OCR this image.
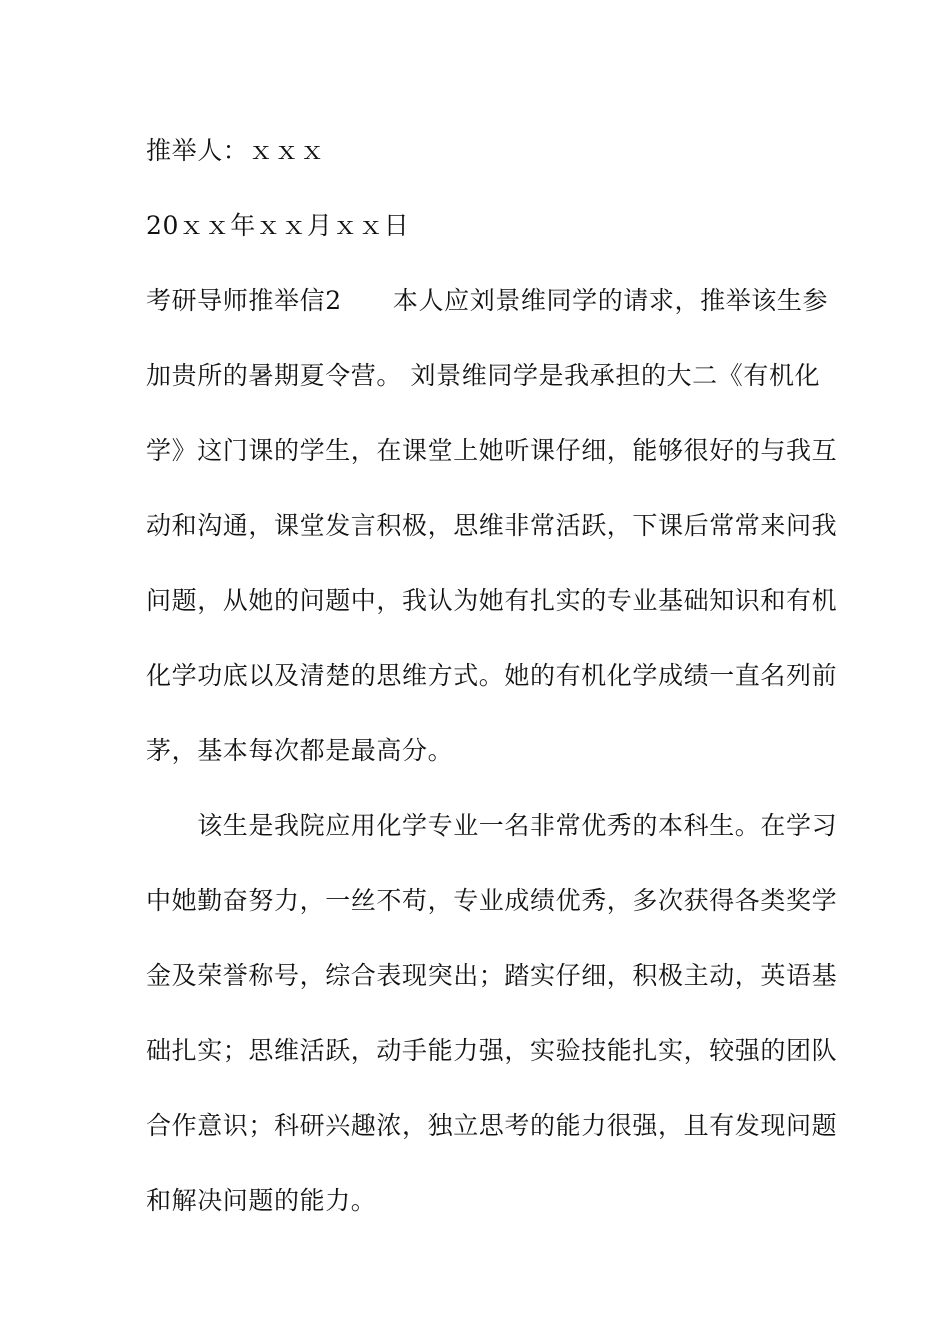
推举人：ｘｘｘ
20ｘｘ年ｘｘ月ｘｘ日
考研导师推举信2　　本人应刘景维同学的请求，推举该生参
加贵所的暑期夏令营。 刘景维同学是我承担的大二《有机化
学》这门课的学生，在课堂上她听课仔细，能够很好的与我互
动和沟通，课堂发言积极，思维非常活跃，下课后常常来问我
问题，从她的问题中，我认为她有扎实的专业基础知识和有机
化学功底以及清楚的思维方式。她的有机化学成绩一直名列前
茅，基本每次都是最高分。
　　该生是我院应用化学专业一名非常优秀的本科生。在学习
中她勤奋努力，一丝不苟，专业成绩优秀，多次获得各类奖学
金及荣誉称号，综合表现突出；踏实仔细，积极主动，英语基
础扎实；思维活跃，动手能力强，实验技能扎实，较强的团队
合作意识；科研兴趣浓，独立思考的能力很强，且有发现问题
和解决问题的能力。
